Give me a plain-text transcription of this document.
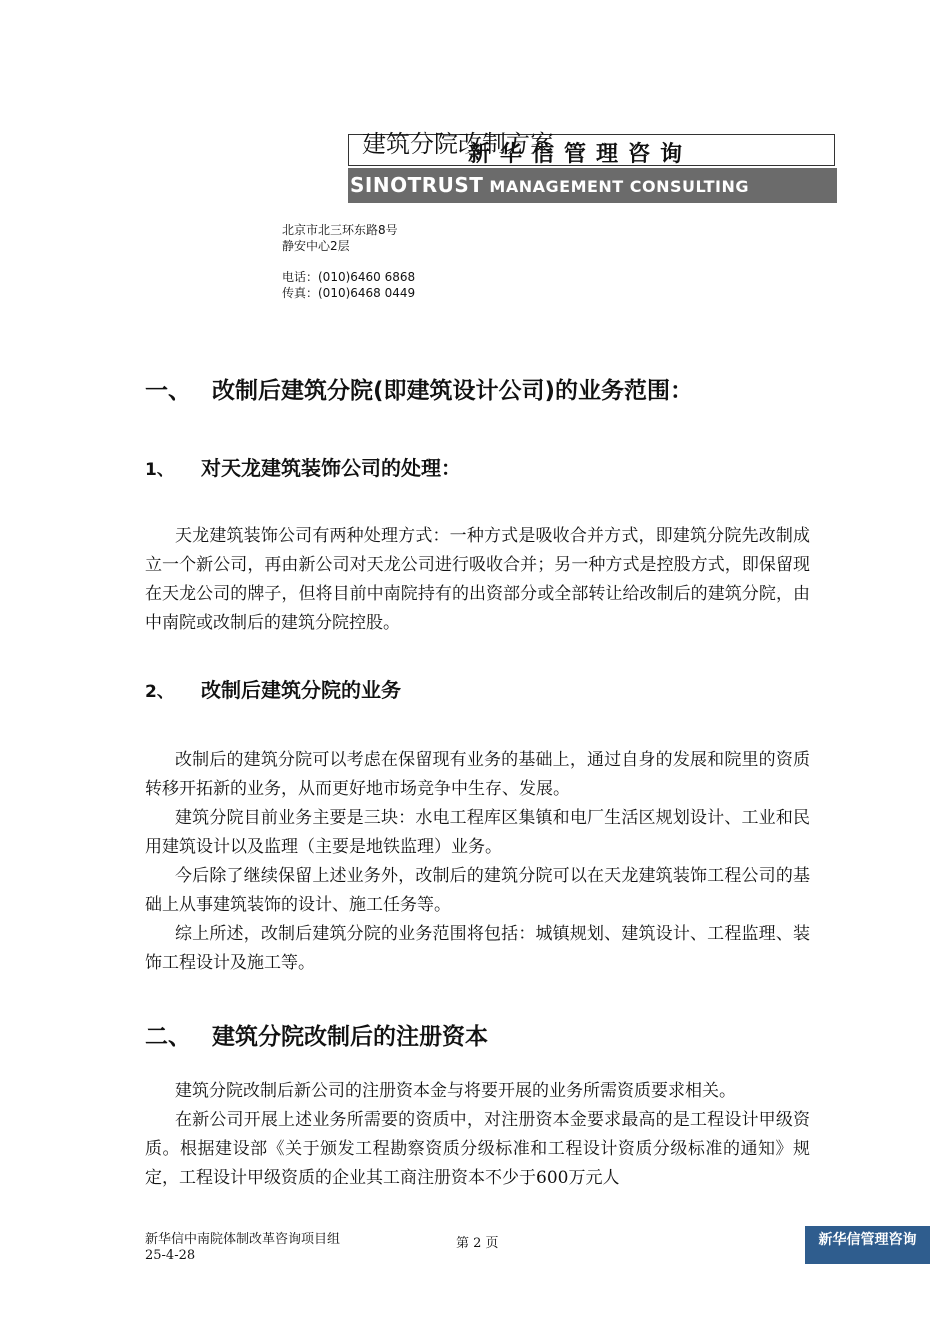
建筑分院改制方案
新华信管理咨询
SINOTRUST MANAGEMENT CONSULTING
北京市北三环东路8号
静安中心2层
电话：(010)6460 6868
传真：(010)6468 0449
一、 改制后建筑分院(即建筑设计公司)的业务范围：
1、 对天龙建筑装饰公司的处理：

天龙建筑装饰公司有两种处理方式：一种方式是吸收合并方式，即建筑分院先改制成立一个新公司，再由新公司对天龙公司进行吸收合并；另一种方式是控股方式，即保留现在天龙公司的牌子，但将目前中南院持有的出资部分或全部转让给改制后的建筑分院，由中南院或改制后的建筑分院控股。

2、 改制后建筑分院的业务

改制后的建筑分院可以考虑在保留现有业务的基础上，通过自身的发展和院里的资质转移开拓新的业务，从而更好地市场竞争中生存、发展。

建筑分院目前业务主要是三块：水电工程库区集镇和电厂生活区规划设计、工业和民用建筑设计以及监理（主要是地铁监理）业务。

今后除了继续保留上述业务外，改制后的建筑分院可以在天龙建筑装饰工程公司的基础上从事建筑装饰的设计、施工任务等。

综上所述，改制后建筑分院的业务范围将包括：城镇规划、建筑设计、工程监理、装饰工程设计及施工等。

二、 建筑分院改制后的注册资本

建筑分院改制后新公司的注册资本金与将要开展的业务所需资质要求相关。

在新公司开展上述业务所需要的资质中，对注册资本金要求最高的是工程设计甲级资质。根据建设部《关于颁发工程勘察资质分级标准和工程设计资质分级标准的通知》规定，工程设计甲级资质的企业其工商注册资本不少于600万元人

新华信中南院体制改革咨询项目组
25-4-28
第 2 页	新华信管理咨询
